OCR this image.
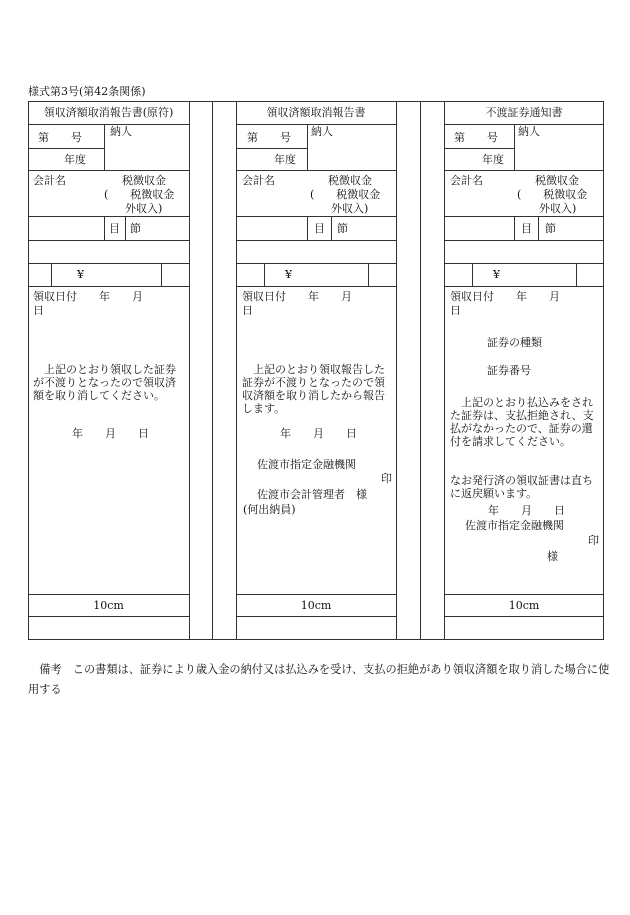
様式第3号(第42条関係)
領収済額取消報告書(原符)
第　　号	納人
年度
会計名	税徴収金
(　　税徴収金
外収入)
目 節
¥
領収日付　　年　　月
日
　上記のとおり領収した証券が不渡りとなったので領収済額を取り消してください。
年　　月　　日
10cm
領収済額取消報告書
第　　号 納人
年度
会計名	税徴収金
(　　税徴収金
外収入)
目 節
¥
領収日付　　年　　月
日
　上記のとおり領収報告した証券が不渡りとなったので領収済額を取り消したから報告します。
年　　月　　日
佐渡市指定金融機関
印
佐渡市会計管理者　様
(何出納員)
10cm
不渡証券通知書
第　　号 納人
年度
会計名	税徴収金
(　　税徴収金
外収入)
目 節
¥
領収日付　　年　　月
日
証券の種類
証券番号
　上記のとおり払込みをされた証券は、支払拒絶され、支払がなかったので、証券の還付を請求してください。
なお発行済の領収証書は直ちに返戻願います。
年　　月　　日
佐渡市指定金融機関
印
様
10cm
　備考　この書類は、証券により歳入金の納付又は払込みを受け、支払の拒絶があり領収済額を取り消した場合に使用する
